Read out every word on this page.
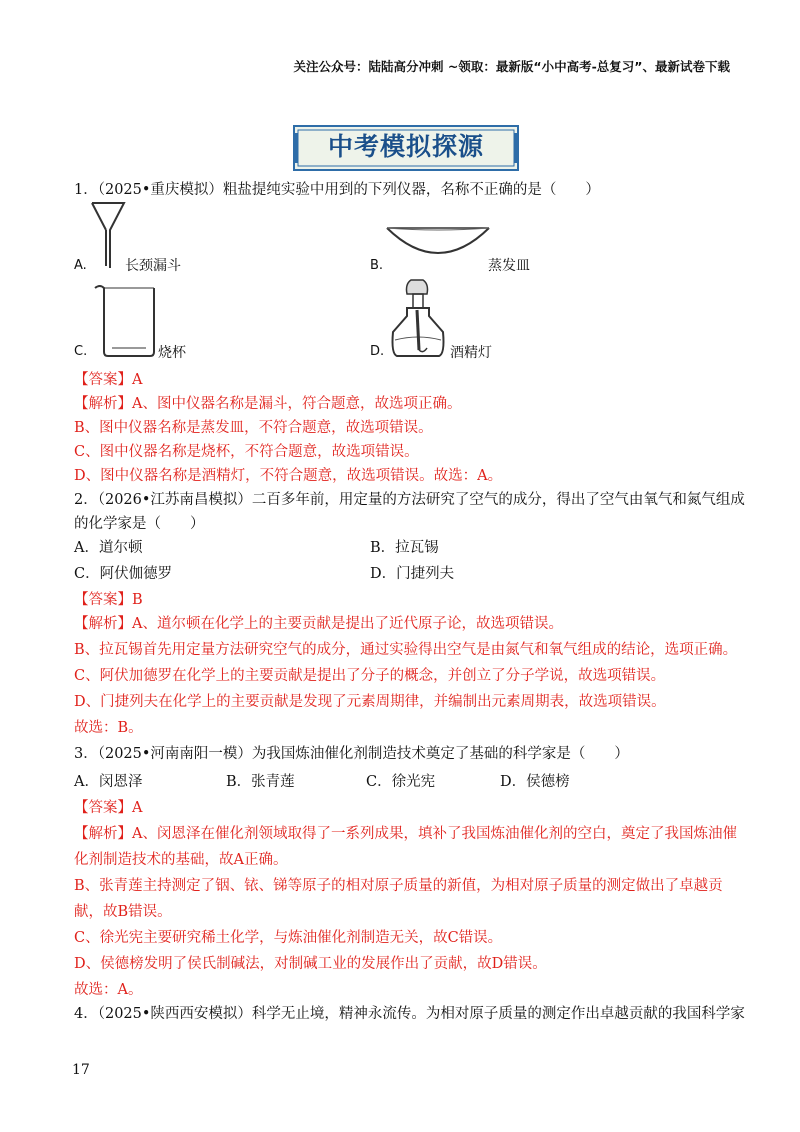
关注公众号：陆陆高分冲刺 ~领取：最新版“小中高考-总复习”、最新试卷下载
中考模拟探源
1．（2025•重庆模拟）粗盐提纯实验中用到的下列仪器，名称不正确的是（　　）
A.	长颈漏斗	B.	蒸发皿
C.	烧杯	D.	酒精灯
【答案】A
【解析】A、图中仪器名称是漏斗，符合题意，故选项正确。
B、图中仪器名称是蒸发皿，不符合题意，故选项错误。
C、图中仪器名称是烧杯，不符合题意，故选项错误。
D、图中仪器名称是酒精灯，不符合题意，故选项错误。故选：A。
2．（2026•江苏南昌模拟）二百多年前，用定量的方法研究了空气的成分，得出了空气由氧气和氮气组成
的化学家是（　　）
A．道尔顿	B．拉瓦锡
C．阿伏伽德罗	D．门捷列夫
【答案】B
【解析】A、道尔顿在化学上的主要贡献是提出了近代原子论，故选项错误。
B、拉瓦锡首先用定量方法研究空气的成分，通过实验得出空气是由氮气和氧气组成的结论，选项正确。
C、阿伏加德罗在化学上的主要贡献是提出了分子的概念，并创立了分子学说，故选项错误。
D、门捷列夫在化学上的主要贡献是发现了元素周期律，并编制出元素周期表，故选项错误。
故选：B。
3．（2025•河南南阳一模）为我国炼油催化剂制造技术奠定了基础的科学家是（　　）
A．闵恩泽	B．张青莲	C．徐光宪	D．侯德榜
【答案】A
【解析】A、闵恩泽在催化剂领域取得了一系列成果，填补了我国炼油催化剂的空白，奠定了我国炼油催
化剂制造技术的基础，故A正确。
B、张青莲主持测定了铟、铱、锑等原子的相对原子质量的新值，为相对原子质量的测定做出了卓越贡
献，故B错误。
C、徐光宪主要研究稀土化学，与炼油催化剂制造无关，故C错误。
D、侯德榜发明了侯氏制碱法，对制碱工业的发展作出了贡献，故D错误。
故选：A。
4．（2025•陕西西安模拟）科学无止境，精神永流传。为相对原子质量的测定作出卓越贡献的我国科学家
17
